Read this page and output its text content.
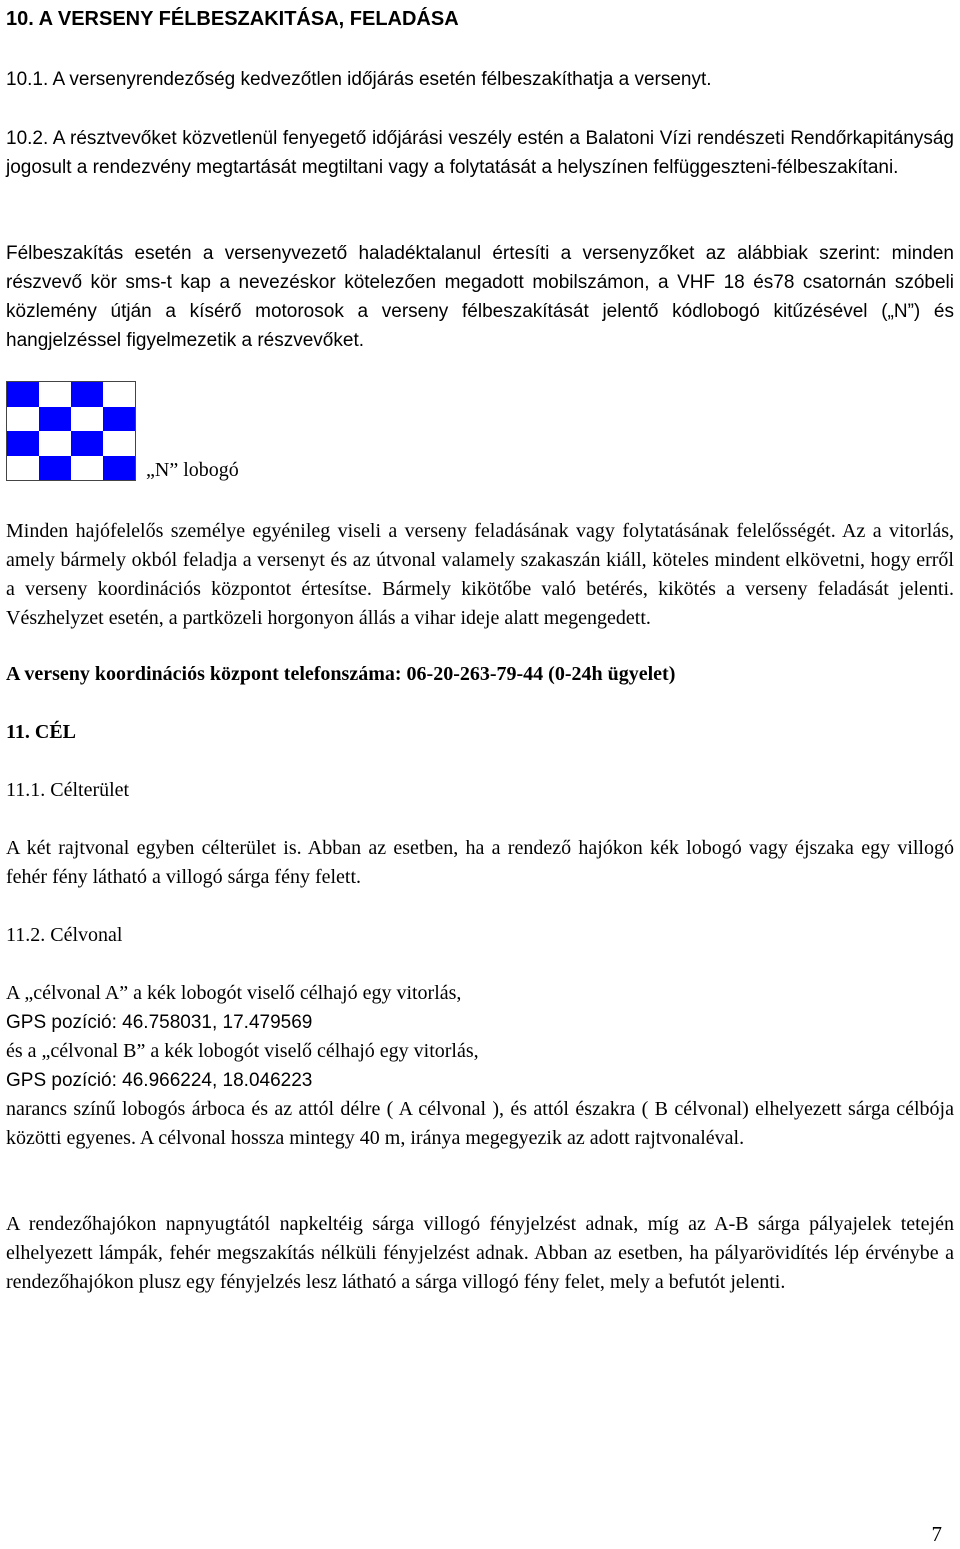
10. A VERSENY FÉLBESZAKITÁSA, FELADÁSA
10.1. A versenyrendezőség kedvezőtlen időjárás esetén félbeszakíthatja a versenyt.
10.2. A résztvevőket közvetlenül fenyegető időjárási veszély estén a Balatoni Vízi rendészeti Rendőrkapitányság jogosult a rendezvény megtartását megtiltani vagy a folytatását a helyszínen felfüggeszteni-félbeszakítani.
Félbeszakítás esetén a versenyvezető haladéktalanul értesíti a versenyzőket az alábbiak szerint: minden részvevő kör sms-t kap a nevezéskor kötelezően megadott mobilszámon, a VHF 18 és78 csatornán szóbeli közlemény útján a kísérő motorosok a verseny félbeszakítását jelentő kódlobogó kitűzésével („N”) és hangjelzéssel figyelmezetik a részvevőket.
„N” lobogó
Minden hajófelelős személye egyénileg viseli a verseny feladásának vagy folytatásának felelősségét. Az a vitorlás, amely bármely okból feladja a versenyt és az útvonal valamely szakaszán kiáll, köteles mindent elkövetni, hogy erről a verseny koordinációs központot értesítse. Bármely kikötőbe való betérés, kikötés a verseny feladását jelenti. Vészhelyzet esetén, a partközeli horgonyon állás a vihar ideje alatt megengedett.
A verseny koordinációs központ telefonszáma: 06-20-263-79-44 (0-24h ügyelet)
11. CÉL
11.1. Célterület
A két rajtvonal egyben célterület is. Abban az esetben, ha a rendező hajókon kék lobogó vagy éjszaka egy villogó fehér fény látható a villogó sárga fény felett.
11.2. Célvonal
A „célvonal A” a kék lobogót viselő célhajó egy vitorlás,
GPS pozíció: 46.758031, 17.479569
és a „célvonal B” a kék lobogót viselő célhajó egy vitorlás,
GPS pozíció: 46.966224, 18.046223
narancs színű lobogós árboca és az attól délre ( A célvonal ), és attól északra ( B célvonal) elhelyezett sárga célbója közötti egyenes. A célvonal hossza mintegy 40 m, iránya megegyezik az adott rajtvonaléval.
A rendezőhajókon napnyugtától napkeltéig sárga villogó fényjelzést adnak, míg az A-B sárga pályajelek tetején elhelyezett lámpák, fehér megszakítás nélküli fényjelzést adnak. Abban az esetben, ha pályarövidítés lép érvénybe a rendezőhajókon plusz egy fényjelzés lesz látható a sárga villogó fény felet, mely a befutót jelenti.
7
